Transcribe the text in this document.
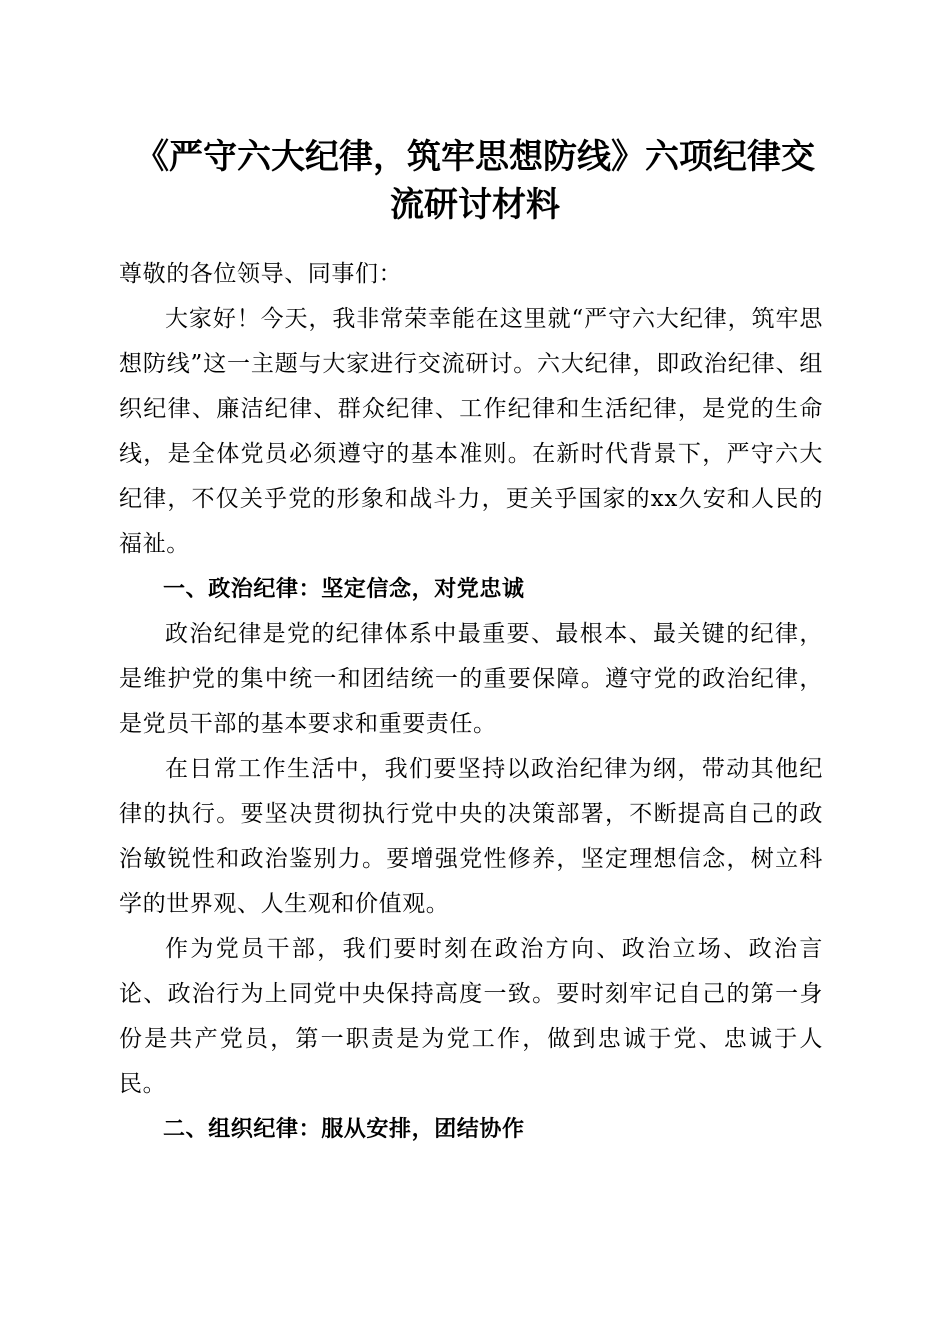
《严守六大纪律，筑牢思想防线》六项纪律交
流研讨材料

尊敬的各位领导、同事们：

大家好！今天，我非常荣幸能在这里就“严守六大纪律，筑牢思想防线”这一主题与大家进行交流研讨。六大纪律，即政治纪律、组织纪律、廉洁纪律、群众纪律、工作纪律和生活纪律，是党的生命线，是全体党员必须遵守的基本准则。在新时代背景下，严守六大纪律，不仅关乎党的形象和战斗力，更关乎国家的xx久安和人民的福祉。

一、政治纪律：坚定信念，对党忠诚

政治纪律是党的纪律体系中最重要、最根本、最关键的纪律，是维护党的集中统一和团结统一的重要保障。遵守党的政治纪律，是党员干部的基本要求和重要责任。

在日常工作生活中，我们要坚持以政治纪律为纲，带动其他纪律的执行。要坚决贯彻执行党中央的决策部署，不断提高自己的政治敏锐性和政治鉴别力。要增强党性修养，坚定理想信念，树立科学的世界观、人生观和价值观。

作为党员干部，我们要时刻在政治方向、政治立场、政治言论、政治行为上同党中央保持高度一致。要时刻牢记自己的第一身份是共产党员，第一职责是为党工作，做到忠诚于党、忠诚于人民。

二、组织纪律：服从安排，团结协作
